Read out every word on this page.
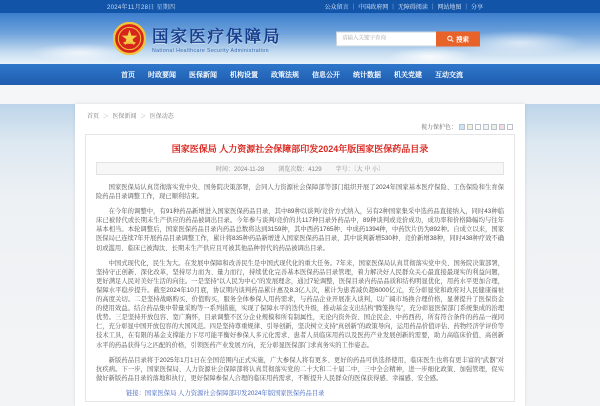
2024年11月28日 星期四	公众留言 | 中国政府网 | 无障碍阅读 | 网站地图 | 分享
国家医疗保障局
National Healthcare Security Administration
请输入关键字查询
搜索
首页 时政要闻 医保新闻 机构设置 政策法规 信息公开 统计数据 机关党建 互动交流
首页 ＞ 医保新闻 ＞ 医保动态
视力保护色：
国家医保局 人力资源社会保障部印发2024年版国家医保药品目录
时间：2024-11-28 浏览次数：4129 字号：〔大 中 小〕

国家医保局认真贯彻落实党中央、国务院决策部署，会同人力资源社会保障部等部门组织开展了2024年国家基本医疗保险、工伤保险和生育保险药品目录调整工作，现已顺利结束。

在今年的调整中，有91种药品新增进入国家医保药品目录，其中89种以谈判/竞价方式纳入，另有2种国家集采中选药品直接纳入，同时43种临床已被替代或长期未生产供应的药品被调出目录。今年参与谈判/竞价的共117种目录外药品中，89种谈判或竞价成功，成功率和价格降幅均与往年基本相当。本轮调整后，国家医保药品目录内药品总数将达到3159种，其中西药1765种、中成药1394种，中药饮片仍为892种。自成立以来，国家医保局已连续7年开展药品目录调整工作，累计将835种药品新增进入国家医保药品目录，其中谈判新增530种、竞价新增38种，同时438种疗效不确切或滥用、临床已被淘汰、长期未生产供应且可被其他品种替代的药品被调出目录。

中国式现代化，民生为大。在发展中保障和改善民生是中国式现代化的重大任务。7年来，国家医保局认真贯彻落实党中央、国务院决策部署，坚持守正创新、深化改革，坚持尽力而为、量力而行，持续优化完善基本医保药品目录管理，着力解决好人民群众关心最直接最现实的利益问题，更好满足人民对美好生活的向往。一是坚持“以人民为中心”的发展理念，通过7轮调整，医保目录内药品品质和结构明显优化，用药水平更加合理，保障水平稳步提升。截至2024年10月底，协议期内谈判药品累计惠及8.3亿人次，累计为患者减负超6000亿元，充分彰显党和政府对人民健康福祉的高度关切。二是坚持战略购买、价值购买，服务全体参保人用药需求，与药品企业开展准入谈判，以广阔市场换合理价格，显著提升了医保资金的使用效益。结合药品集中带量采购等一系列措施，实现了保障水平的迭代升级，推动基金支出结构“腾笼换鸟”，充分彰显医保部门系统集成的治理优势。三是坚持开放包容、宽广胸怀，目录调整不区分企业规模和所有制属性，无论内资外资、国企民企、中药西药，所有符合条件的药品一视同仁，充分彰显中国开放包容的大国风范。四是坚持尊重规律、引导创新，坚决树立支持“真创新”的政策导向，运用药品价值评估、药物经济学评价等技术工具，在有限的基金支撑能力下尽可能平衡好参保人多元化需求、患者人员临床用药以及医药产业发展创新的需要，助力高临床价值、高创新水平的药品获得与之匹配的价格，引领医药产业发展方向，充分彰显医保部门求真务实的工作姿态。

新版药品目录将于2025年1月1日在全国范围内正式实施，广大参保人将有更多、更好的药品可供选择使用，临床医生也将有更丰富的“武器”对抗疾病。下一步，国家医保局、人力资源社会保障部将认真贯彻落实党的二十大和二十届二中、三中全会精神，进一步细化政策、加强管理，促实做好新版药品目录的落地和执行，更好保障参保人合理的临床用药需求，不断提升人民群众的医保获得感、幸福感、安全感。

链接：国家医保局 人力资源社会保障部印发2024年版国家医保药品目录
